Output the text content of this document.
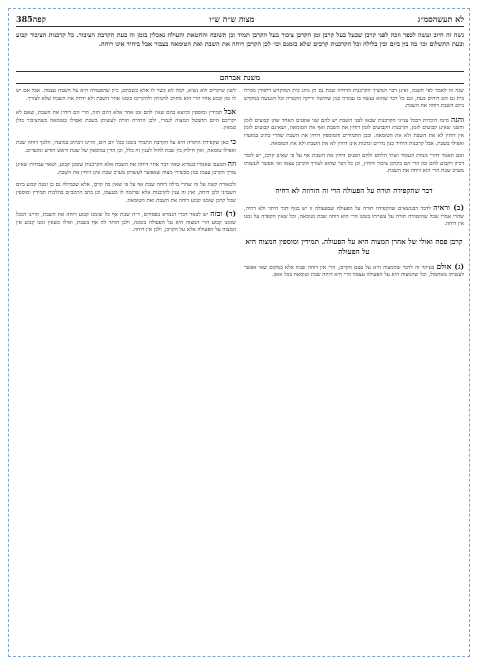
לא תעשה
סמ״ג
מצוה ש״ה ש״ו
קפה
385
נשה זה חיוב ועשה לכפר וזכה לפני קרבן שבעל בעל קרבן זמן הקרבן ציבור בעל הקרבן תמיד וכן תשובה והחטאת והעולה נאכלין בזמן זה בעת הקרבת הציבור. כל קרבנות הציבור קבוע ובעת התשלום וכו׳ בה בין ביום ובין בלילה וכל הקרבנות קרבים שלא בזמנם וכו׳ לכן הקרבן דוחה את השבת ואת הטומאה בצבור אבל ביחיד אינו דוחה.
משנת אברהם

שנה זה לאמר לפי תשנה, ואינן דבר המשיך הקרבנות הדחיה שבת גם הן נוהג בית המוקדש דלפידן ממילו בית גם הם דוחים בעת, וגם כל דבר שהוא נעשה בו עבודה כגון שחיטה זריקה הקטרה וכל הנעשה במקדש ביום השבת דוחה את השבת.

והנה מינה היכרות דבכל ענייני הקרבנות שבאו לפני השבת יש להם שני אופנים האחד שהן קבועים לזמן והשני שאינן קבועים לזמן, וקרבנות הקבועים לזמן דוחין את השבת ואף את הטומאה, ושאינם קבועים לזמן אין דוחין לא את השבת ולא את הטומאה. ובכן התמידים והמוספין דוחין את השבת שהרי כתיב במועדו ואפילו בשבת, אבל קרבנות היחיד כגון נדרים ונדבות אינן דוחין לא את השבת ולא את הטומאה.

ואם תאמר דהרי מנחת העומר ושתי הלחם ולחם הפנים דוחין את השבת אף על פי שאינן קרבן, יש לומר דכיון דקבוע להם זמן הרי הם כקרבן ציבור ודוחין, וכן כל דבר שהוא לצורך הקרבן עצמו ואי אפשר לעשותו מערב שבת הרי הוא דוחה את השבת.

דבר שהקפידה תורה על הפעולה הרי זה הזרוזה לא דחיה

(ב) וראיה לדבר דבנושאים שהקפידה תורה על הפעולה שבפעולה זו יש בגוף דבר היתר ולא דחיה, שהרי אמרו שכל שהקפידה תורה על עשייתו בזמנו הרי הוא דוחה שבת וטומאה, וכל שאין הקפדה על זמנו אין דוחה.

קרבן פסח ואולי של אהרן המצוה היא על הפעולה. תמידין ומוספין המצוה היא על הפעולה

(ג) אולם בעיקר זה לדבר שהמצוה היא על עצם הקרבן, הרי אין דוחה שבת אלא במקום שאי אפשר לעשותו מאתמול, וכל שהמצוה היא על הפעולה עצמה הרי היא דוחה שבת וטומאה בכל אופן.

לשון שיקרים ולא נשיא, למה לא כשר לו אלא בשבתם, כיון שהפעולה היא על השבת עצמה. אבל אם יש לו זמן קבוע אחר הרי הוא מחויב להמתין ולהקריבו בזמנו אחר השבת ולא ידחה את השבת שלא לצורך.

אבל תמידין ומוספין וכיוצא בהם שאין להם זמן אחר אלא היום הזה, הרי הם דוחין את השבת, שאם לא יקריבם היום תתבטל המצוה לגמרי, ולכן התירה תורה לעשותן בשבת ואפילו בטומאה כשהציבור כולן טמאין.

כי כאן שקפידת התורה היא על הקרבת התמיד בזמנו בכל יום ויום, והיינו דכתיב במועדו, הלכך דוחה שבת ואפילו טומאה, ואין חילוק בין שבת לחול לענין זה כלל, וכן הדין במוספין של שבת וראש חודש ומועדים.

וזה הטעם שאמרו בגמרא שאין דבר אחר דוחה את השבת אלא הקרבנות שזמנן קבוע, ושאר עבודות שאינן צורך הקרבן עצמו כגון מכשירי מצוה שאפשר לעשותן מערב שבת אינן דוחין את השבת.

ולכאורה קשה על זה שהרי מילה דוחה שבת אף על פי שאין בה קרבן, אלא שבמילה גם כן זמנה קבוע ביום השמיני ולכן דוחה, ואין זה ענין לקרבנות אלא שדומה לו בטעמו, וכן כתב הרמב״ם בהלכות תמידין ומוספין שכל קרבן שזמנו קבוע דוחה את השבת ואת הטומאה.

(ד) ובזה יש לבאר דברי הגמרא בפסחים, ד״ה שבת אף כל שזמנו קבוע דוחה את השבת, והיינו דבכל שזמנו קבוע הרי המצוה היא על הפעולה בזמנה, ולכן הותר לה אף בשבת, ואילו כשאין זמנו קבוע אין המצוה על הפעולה אלא על הקרבן, ולכן אין דוחה.
